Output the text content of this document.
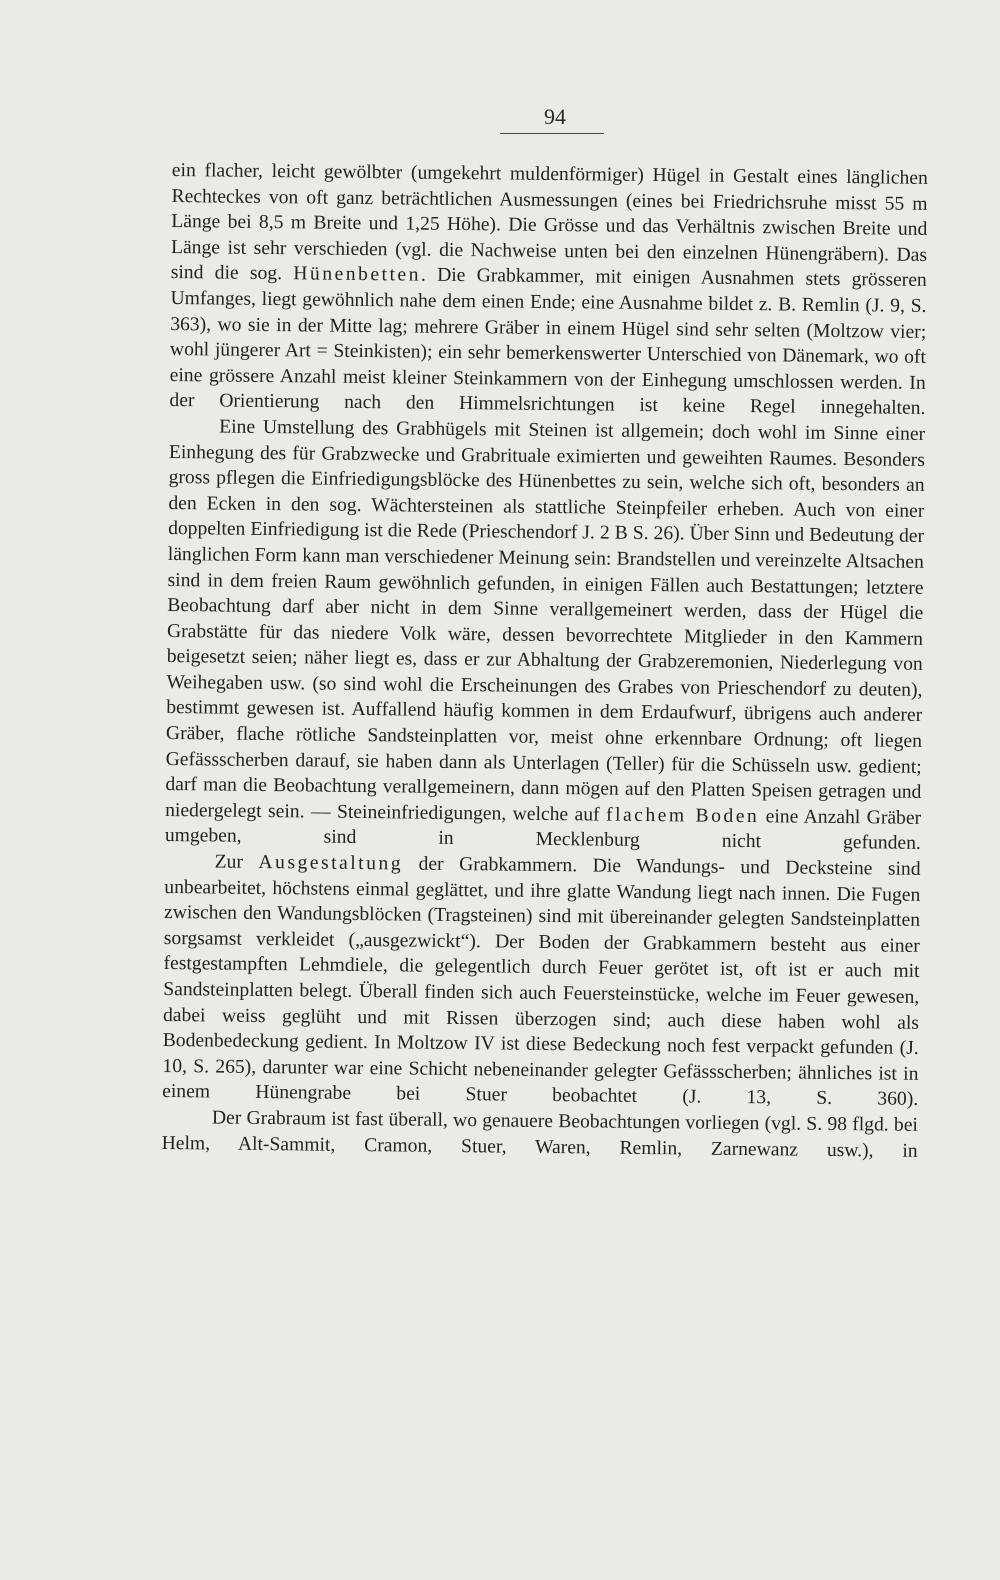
94

ein flacher, leicht gewölbter (umgekehrt muldenförmiger) Hügel in Gestalt eines länglichen Rechteckes von oft ganz beträchtlichen Ausmessungen (eines bei Friedrichsruhe misst 55 m Länge bei 8,5 m Breite und 1,25 Höhe). Die Grösse und das Verhältnis zwischen Breite und Länge ist sehr verschieden (vgl. die Nachweise unten bei den einzelnen Hünengräbern). Das sind die sog. Hünenbetten. Die Grabkammer, mit einigen Ausnahmen stets grösseren Umfanges, liegt gewöhnlich nahe dem einen Ende; eine Ausnahme bildet z. B. Remlin (J. 9, S. 363), wo sie in der Mitte lag; mehrere Gräber in einem Hügel sind sehr selten (Moltzow vier; wohl jüngerer Art = Steinkisten); ein sehr bemerkenswerter Unterschied von Dänemark, wo oft eine grössere Anzahl meist kleiner Steinkammern von der Einhegung umschlossen werden. In der Orientierung nach den Himmelsrichtungen ist keine Regel innegehalten.

Eine Umstellung des Grabhügels mit Steinen ist allgemein; doch wohl im Sinne einer Einhegung des für Grabzwecke und Grabrituale eximierten und geweihten Raumes. Besonders gross pflegen die Einfriedigungsblöcke des Hünenbettes zu sein, welche sich oft, besonders an den Ecken in den sog. Wächtersteinen als stattliche Steinpfeiler erheben. Auch von einer doppelten Einfriedigung ist die Rede (Prieschendorf J. 2 B S. 26). Über Sinn und Bedeutung der länglichen Form kann man verschiedener Meinung sein: Brandstellen und vereinzelte Altsachen sind in dem freien Raum gewöhnlich gefunden, in einigen Fällen auch Bestattungen; letztere Beobachtung darf aber nicht in dem Sinne verallgemeinert werden, dass der Hügel die Grabstätte für das niedere Volk wäre, dessen bevorrechtete Mitglieder in den Kammern beigesetzt seien; näher liegt es, dass er zur Abhaltung der Grabzeremonien, Niederlegung von Weihegaben usw. (so sind wohl die Erscheinungen des Grabes von Prieschendorf zu deuten), bestimmt gewesen ist. Auffallend häufig kommen in dem Erdaufwurf, übrigens auch anderer Gräber, flache rötliche Sandsteinplatten vor, meist ohne erkennbare Ordnung; oft liegen Gefässscherben darauf, sie haben dann als Unterlagen (Teller) für die Schüsseln usw. gedient; darf man die Beobachtung verallgemeinern, dann mögen auf den Platten Speisen getragen und niedergelegt sein. — Steineinfriedigungen, welche auf flachem Boden eine Anzahl Gräber umgeben, sind in Mecklenburg nicht gefunden.

Zur Ausgestaltung der Grabkammern. Die Wandungs- und Decksteine sind unbearbeitet, höchstens einmal geglättet, und ihre glatte Wandung liegt nach innen. Die Fugen zwischen den Wandungsblöcken (Tragsteinen) sind mit übereinander gelegten Sandsteinplatten sorgsamst verkleidet („ausgezwickt“). Der Boden der Grabkammern besteht aus einer festgestampften Lehmdiele, die gelegentlich durch Feuer gerötet ist, oft ist er auch mit Sandsteinplatten belegt. Überall finden sich auch Feuersteinstücke, welche im Feuer gewesen, dabei weiss geglüht und mit Rissen überzogen sind; auch diese haben wohl als Bodenbedeckung gedient. In Moltzow IV ist diese Bedeckung noch fest verpackt gefunden (J. 10, S. 265), darunter war eine Schicht nebeneinander gelegter Gefässscherben; ähnliches ist in einem Hünengrabe bei Stuer beobachtet (J. 13, S. 360).

Der Grabraum ist fast überall, wo genauere Beobachtungen vorliegen (vgl. S. 98 flgd. bei Helm, Alt-Sammit, Cramon, Stuer, Waren, Remlin, Zarnewanz usw.), in
